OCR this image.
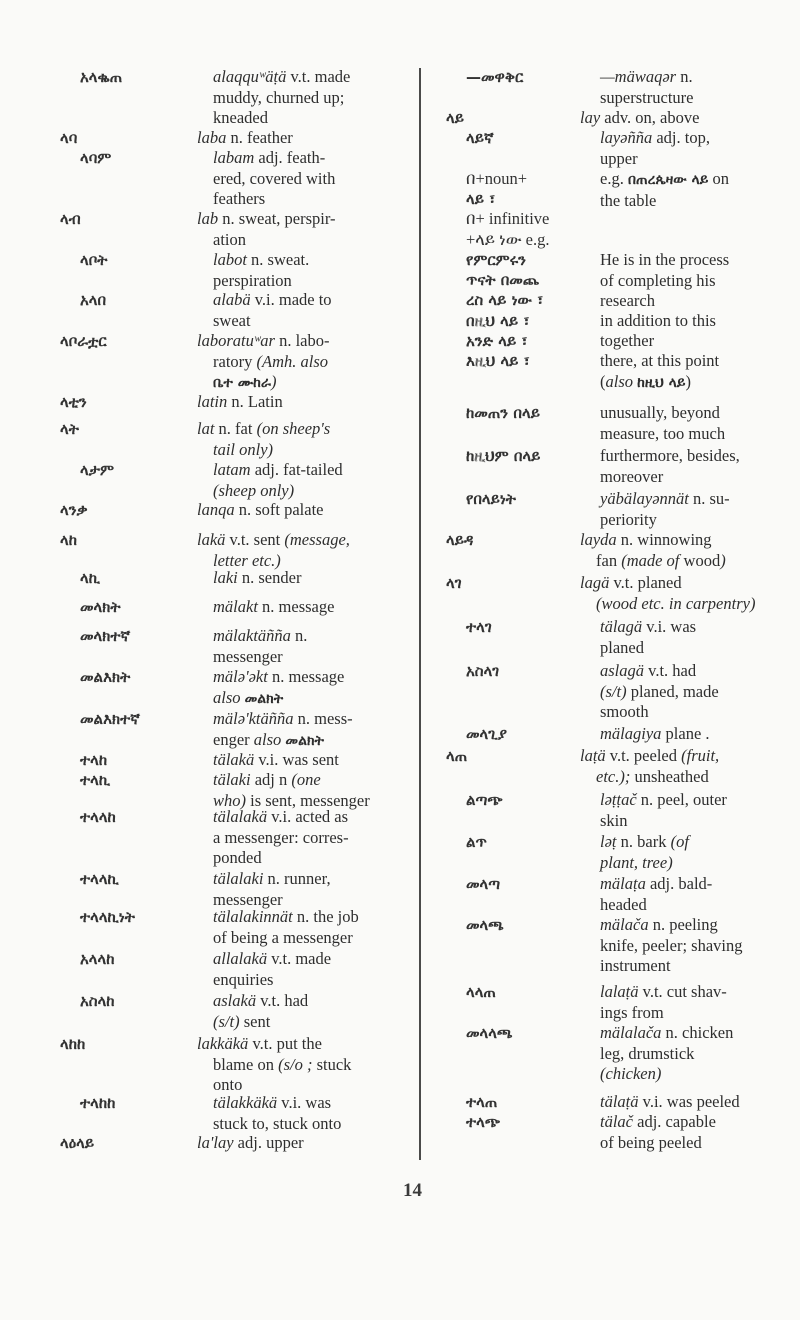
አላቈጠ	alaqquʷäṭä v.t. made
muddy, churned up;
kneaded
ላባ	laba n. feather
ላባም	labam adj. feath-
ered, covered with
feathers
ላብ	lab n. sweat, perspir-
ation
ላቦት	labot n. sweat.
perspiration
አላበ	alabä v.i. made to
sweat
ላቦራቷር	laboratuʷar n. labo-
ratory (Amh. also
ቤተ ሙከራ)
ላቲን	latin n. Latin
ላት	lat n. fat (on sheep's
tail only)
ላታም	latam adj. fat-tailed
(sheep only)
ላንቃ	lanqa n. soft palate
ላከ	lakä v.t. sent (message,
letter etc.)
ላኪ	laki n. sender
መላክት	mälakt n. message
መላክተኛ	mälaktäñña n.
messenger
መልእክት	mälə'əkt n. message
also መልክት
መልእክተኛ	mälə'ktäñña n. mess-
enger also መልክት
ተላከ	tälakä v.i. was sent
ተላኪ	tälaki adj n (one
who) is sent, messenger
ተላላከ	tälalakä v.i. acted as
a messenger: corres-
ponded
ተላላኪ	tälalaki n. runner,
messenger
ተላላኪነት	tälalakinnät n. the job
of being a messenger
አላላከ	allalakä v.t. made
enquiries
አስላከ	aslakä v.t. had
(s/t) sent
ላከከ	lakkäkä v.t. put the
blame on (s/o ; stuck
onto
ተላከከ	tälakkäkä v.i. was
stuck to, stuck onto
ላዕላይ	la'lay adj. upper
—መዋቅር	—mäwaqər n.
superstructure
ላይ	lay adv. on, above
ላይኛ	layəñña adj. top,
upper
በ+noun+	e.g. በጠረጴዛው ላይ on
the table
ላይ ፣
በ+ infinitive
+ላይ ነው e.g.
የምርምሩን	He is in the process
of completing his
research
ጥናት በመጨ
ረስ ላይ ነው ፣
በዚህ ላይ ፣	in addition to this
አንድ ላይ ፣	together
እዚህ ላይ ፣	there, at this point
(also ከዚህ ላይ)
ከመጠን በላይ	unusually, beyond
measure, too much
ከዚህም በላይ	furthermore, besides,
moreover
የበላይነት	yäbälayənnät n. su-
periority
ላይዳ	layda n. winnowing
fan (made of wood)
ላገ	lagä v.t. planed
(wood etc. in carpentry)
ተላገ	tälagä v.i. was
planed
አስላገ	aslagä v.t. had
(s/t) planed, made
smooth
መላጊያ	mälagiya plane .
ላጠ	laṭä v.t. peeled (fruit,
etc.); unsheathed
ልጣጭ	ləṭṭač n. peel, outer
skin
ልጥ	ləṭ n. bark (of
plant, tree)
መላጣ	mälaṭa adj. bald-
headed
መላጫ	mälača n. peeling
knife, peeler; shaving
instrument
ላላጠ	lalaṭä v.t. cut shav-
ings from
መላላጫ	mälalača n. chicken
leg, drumstick
(chicken)
ተላጠ	tälaṭä v.i. was peeled
ተላጭ	tälač adj. capable
of being peeled
14
